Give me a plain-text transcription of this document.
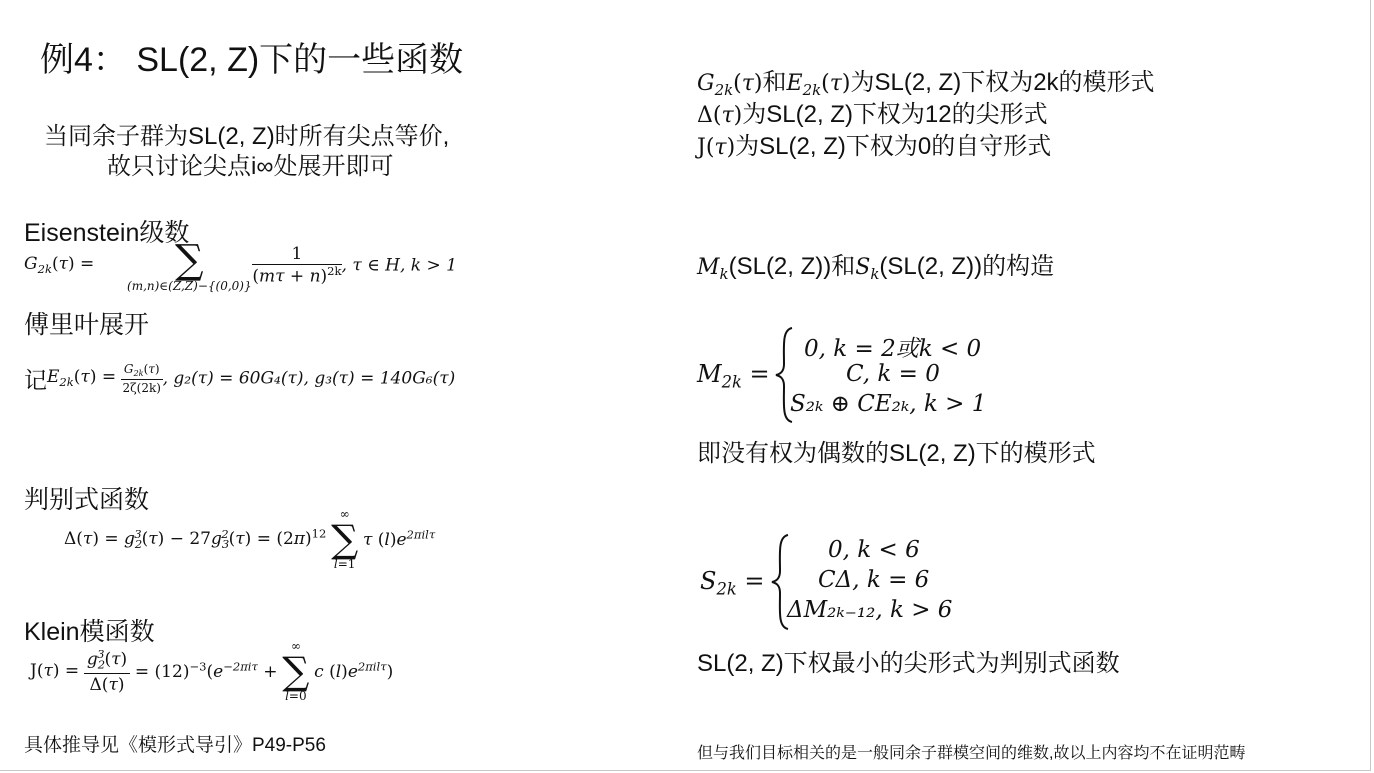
例4： SL(2, Z)下的一些函数
当同余子群为SL(2, Z)时所有尖点等价,
故只讨论尖点i∞处展开即可
Eisenstein级数
$G_{2k}(\tau)$ =	∑
(m,n)∈(Z,Z)−{(0,0)}

$\frac{1}{(m\tau + n)^{2k}}$ , τ ∈ H, k > 1
傅里叶展开
记$E_{2k}(\tau) = \frac{G_{2k}(\tau)}{2\zeta(2k)}$ , g₂(τ) = 60G₄(τ), g₃(τ) = 140G₆(τ)
判别式函数
$\Delta(\tau) = g_2^3(\tau) - 27g_3^2(\tau) = (2\pi)^{12}$
∞
∑
l=1
τ $(l)e^{2\pi il\tau}$
Klein模函数
$J(\tau) = \frac{g_2^3(\tau)}{\Delta(\tau)} = (12)^{-3}(e^{-2\pi i\tau}$ +
∞
∑
l=0
c $(l)e^{2\pi il\tau}$)
具体推导见《模形式导引》P49-P56
$G_{2k}(\tau)$和$E_{2k}(\tau)$为SL(2, Z)下权为2k的模形式
Δ(τ)为SL(2, Z)下权为12的尖形式
J(τ)为SL(2, Z)下权为0的自守形式
$M_k(SL(2$, Z))和$S_k(SL(2$, Z))的构造
$M_{2k}$ =
0, k = 2或k < 0
C, k = 0
S₂ₖ ⊕ CE₂ₖ, k > 1
即没有权为偶数的SL(2, Z)下的模形式
$S_{2k}$ =
0, k < 6
CΔ, k = 6
ΔM₂ₖ₋₁₂, k > 6
SL(2, Z)下权最小的尖形式为判别式函数
但与我们目标相关的是一般同余子群模空间的维数,故以上内容均不在证明范畴
